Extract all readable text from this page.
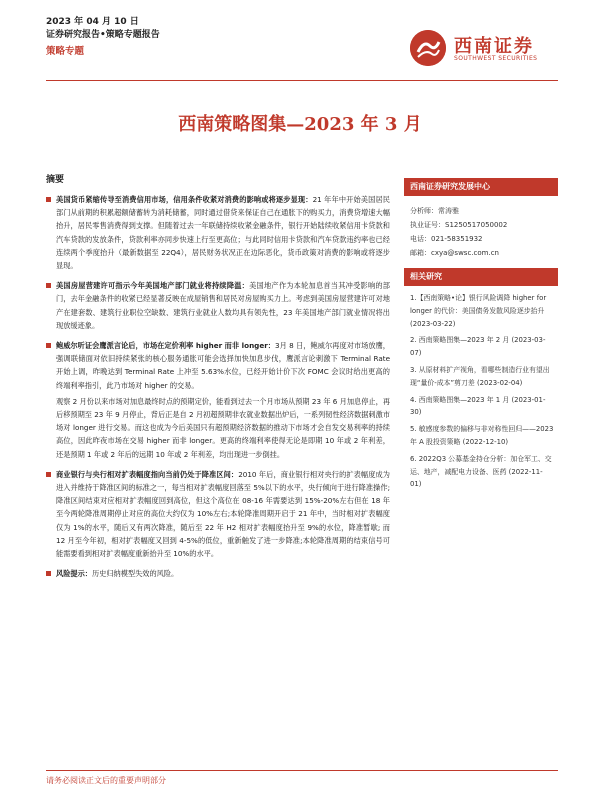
2023 年 04 月 10 日
证券研究报告•策略专题报告
策略专题	西南证券
SOUTHWEST SECURITIES
西南策略图集—2023 年 3 月
摘要
美国货币紧缩传导至消费信用市场，信用条件收紧对消费的影响或将逐步显现：21 年年中开始美国居民部门从前期的积累超额储蓄转为消耗储蓄，同时通过借贷来保证自己在通胀下的购买力，消费贷增速大幅抬升，居民零售消费得到支撑。但随着过去一年联储持续收紧金融条件，银行开始陆续收紧信用卡贷款和汽车贷款的发放条件，贷款利率亦同步快速上行至更高位；与此同时信用卡贷款和汽车贷款违约率也已经连续两个季度抬升（最新数据至 22Q4），居民财务状况正在边际恶化，货币政策对消费的影响或将逐步显现。
美国房屋营建许可指示今年美国地产部门就业将持续降温：美国地产作为本轮加息首当其冲受影响的部门，去年金融条件的收紧已经显著反映在成屋销售和居民对房屋购买力上。考虑到美国房屋营建许可对地产在建套数、建筑行业职位空缺数、建筑行业就业人数均具有领先性，23 年美国地产部门就业情况将出现放缓迹象。
鲍威尔听证会鹰派言论后，市场在定价利率 higher 而非 longer：3月 8 日，鲍威尔再度对市场放鹰，强调联储面对依旧持续紧张的核心服务通胀可能会选择加快加息步伐，鹰派言论刺激下 Terminal Rate 开始上调，昨晚达到 Terminal Rate 上冲至 5.63%水位，已经开始计价下次 FOMC 会议时给出更高的终端利率指引，此乃市场对 higher 的交易。
观察 2 月份以来市场对加息最终时点的预期定价，能看到过去一个月市场从预期 23 年 6 月加息停止，再后移预期至 23 年 9 月停止，背后正是自 2 月初超预期非农就业数据出炉后，一系列韧性经济数据刺激市场对 longer 进行交易。而这也成为今后美国只有超预期经济数据的推动下市场才会自发交易利率的持续高位，因此昨夜市场在交易 higher 而非 longer。更高的终端利率使得无论是即期 10 年或 2 年利差，还是预期 1 年或 2 年后的远期 10 年或 2 年利差，均出现进一步倒挂。
商业银行与央行相对扩表幅度指向当前仍处于降准区间：2010 年后，商业银行相对央行的扩表幅度成为进入并维持于降准区间的标准之一，每当相对扩表幅度回落至 5%以下的水平，央行倾向于进行降准操作;降准区间结束对应相对扩表幅度回到高位，但这个高位在 08-16 年需要达到 15%-20%左右但在 18 年至今两轮降准周期停止对应的高位大约仅为 10%左右;本轮降准周期开启于 21 年中，当时相对扩表幅度仅为 1%的水平，随后又有两次降准，随后至 22 年 H2 相对扩表幅度抬升至 9%的水位，降准暂歇; 而 12 月至今年初，相对扩表幅度又回到 4-5%的低位，重新触发了进一步降准;本轮降准周期的结束信号可能需要看到相对扩表幅度重新抬升至 10%的水平。
风险提示：历史归纳模型失效的风险。
西南证券研究发展中心
分析师：常涛雅
执业证号：S1250517050002
电话：021-58351932
邮箱：cxya@swsc.com.cn
相关研究
1.【西南策略•论】银行风险调降 higher for longer 的代价：美国债务发散风险逐步抬升 (2023-03-22)
2. 西南策略图集—2023 年 2 月 (2023-03-07)
3. 从原材料扩产视角，看哪些制造行业有望出现“量价-成本”剪刀差 (2023-02-04)
4. 西南策略图集—2023 年 1 月 (2023-01-30)
5. 敏感度参数的偏移与非对称性回归——2023 年 A 股投资策略 (2022-12-10)
6. 2022Q3 公募基金持仓分析：加仓军工、交运、地产，减配电力设备、医药 (2022-11-01)
请务必阅读正文后的重要声明部分
